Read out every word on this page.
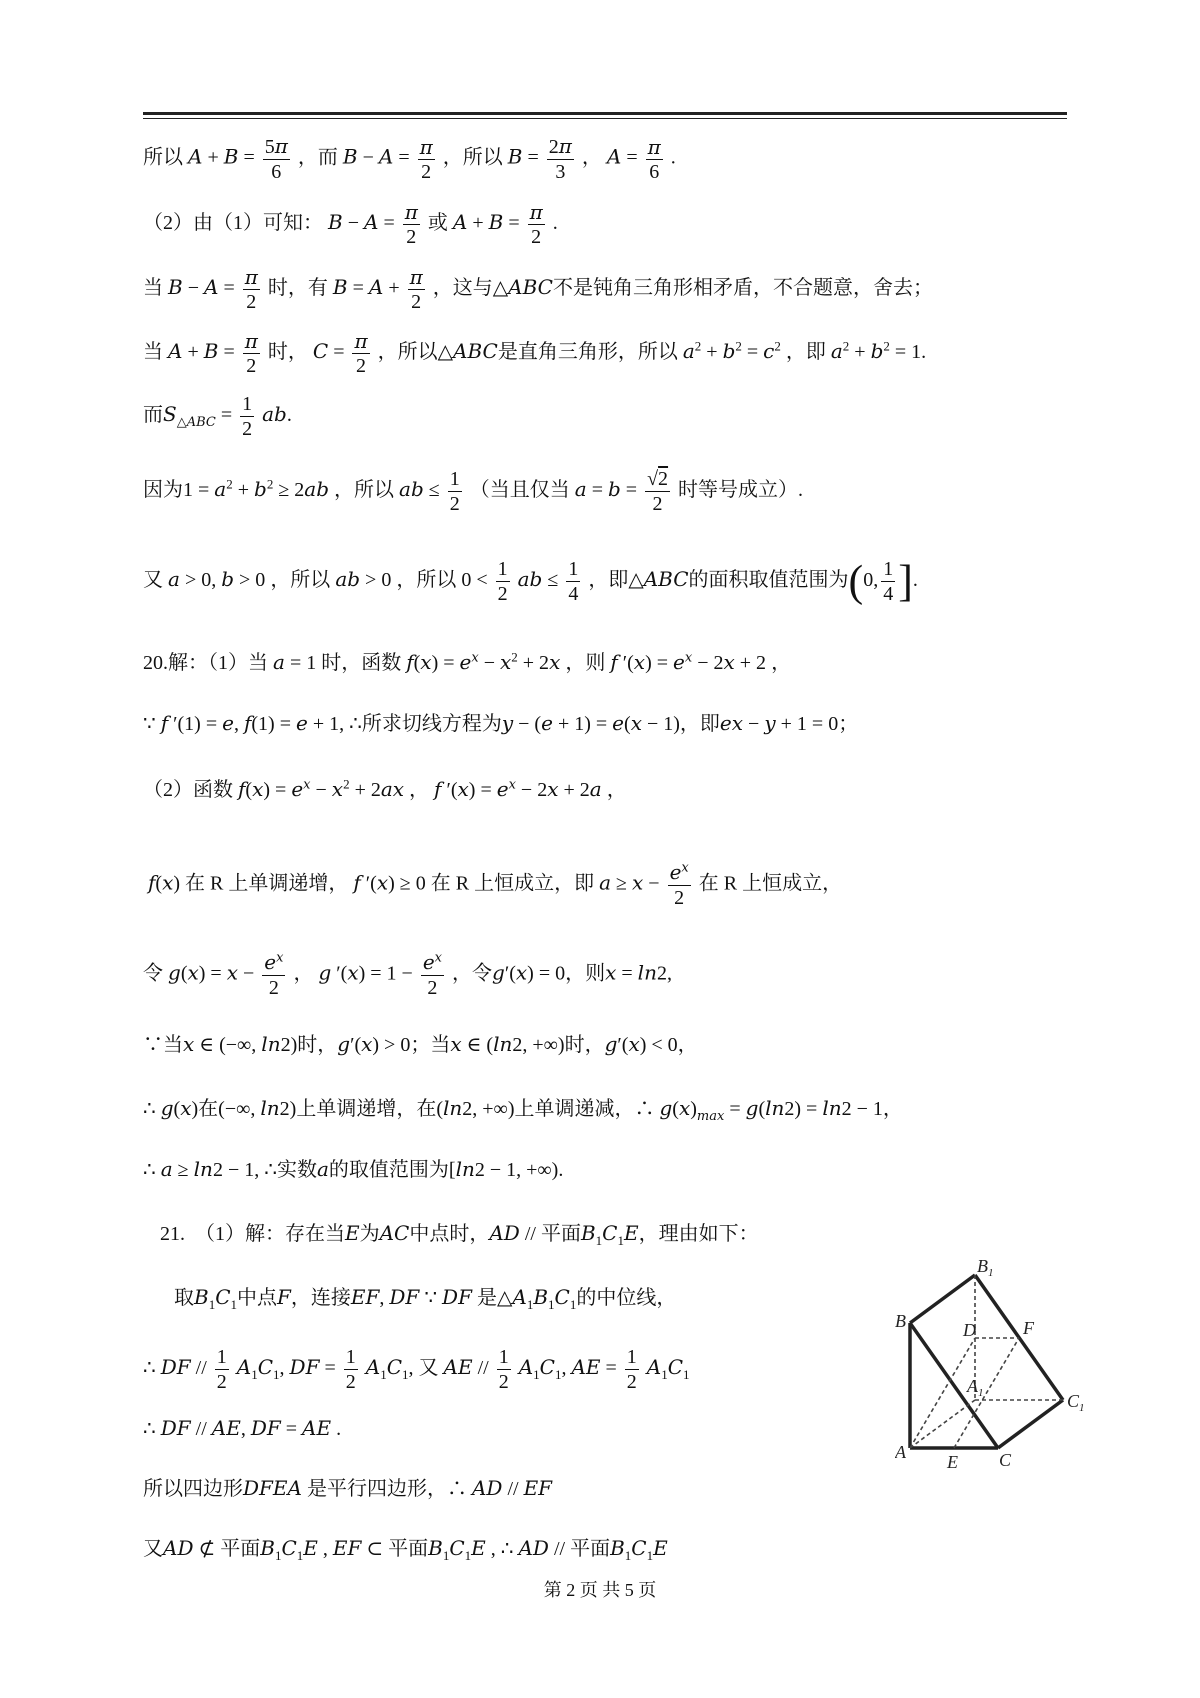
所以 $A + B = \frac{5\pi}{6}$ ，而 $B - A = \frac{\pi}{2}$ ，所以 $B = \frac{2\pi}{3}$ ， $A = \frac{\pi}{6}$ .
（2）由（1）可知： $B - A = \frac{\pi}{2}$ 或 $A + B = \frac{\pi}{2}$ .
当 $B - A = \frac{\pi}{2}$ 时，有 $B = A + \frac{\pi}{2}$ ，这与△ABC不是钝角三角形相矛盾，不合题意，舍去；
当 $A + B = \frac{\pi}{2}$ 时， $C = \frac{\pi}{2}$ ，所以△ABC是直角三角形，所以 $a^2 + b^2 = c^2$ ，即 $a^2 + b^2 = 1$.
而$S_{\triangle ABC} = \frac{1}{2}$ ab.
因为$1 = a^2 + b^2 \ge 2ab$ ，所以 ab ≤ $\frac{1}{2}$ （当且仅当 $a = b = \frac{√2}{2}$ 时等号成立）.
又 a > 0, b > 0 ，所以 ab > 0 ，所以 $0 < \frac{1}{2}$ ab ≤ $\frac{1}{4}$ ，即△ABC的面积取值范围为(0, $\frac{1}{4}$ ].
20.解：（1）当 a = 1 时，函数 $f(x) = e^x - x^2 + 2x$ ，则 f $'(x) = e^x - 2x + 2$ ，
∵ f ′(1) = e, f(1) = e + 1, ∴所求切线方程为y − (e + 1) = e(x − 1)，即ex − y + 1 = 0；
（2）函数 $f(x) = e^x - x^2 + 2ax$ ， f $'(x) = e^x - 2x + 2a$ ，
f(x) 在 R 上单调递增， f ′(x) ≥ 0 在 R 上恒成立，即 $a \ge x - \frac{e^x}{2}$ 在 R 上恒成立，
令 $g(x) = x - \frac{e^x}{2}$ ， g $'(x) = 1 - \frac{e^x}{2}$ ，令g′(x) = 0，则x = ln2,
∵当x ∈ (−∞, ln2)时，g′(x) > 0；当x ∈ (ln2, +∞)时，g′(x) < 0，
∴ g(x)在(−∞, ln2)上单调递增，在(ln2, +∞)上单调递减，∴ $g(x)_{max} = g(\ln 2) = \ln 2 - 1$，
∴ a ≥ ln2 − 1, ∴实数a的取值范围为[ln2 − 1, +∞).
21.　（1）解：存在当E为AC中点时，AD // 平面$B_1C_1E$，理由如下：
取$B_1C_1$中点F，连接EF, DF ∵ DF 是$\triangle A_1B_1C_1$的中位线，
∴ DF // $\frac{1}{2} A_1C_1$, DF = $\frac{1}{2} A_1C_1$, 又 AE // $\frac{1}{2} A_1C_1$, AE = $\frac{1}{2} A_1C_1$
∴ DF // AE, DF = AE .
所以四边形DFEA 是平行四边形，∴ AD // EF
又AD ⊄ 平面$B_1C_1E$ , EF ⊂ 平面$B_1C_1E$ , ∴ AD // 平面$B_1C_1E$
$B_1$
D	F
B
$A_1$	$C_1$
A E C
第 2 页 共 5 页
